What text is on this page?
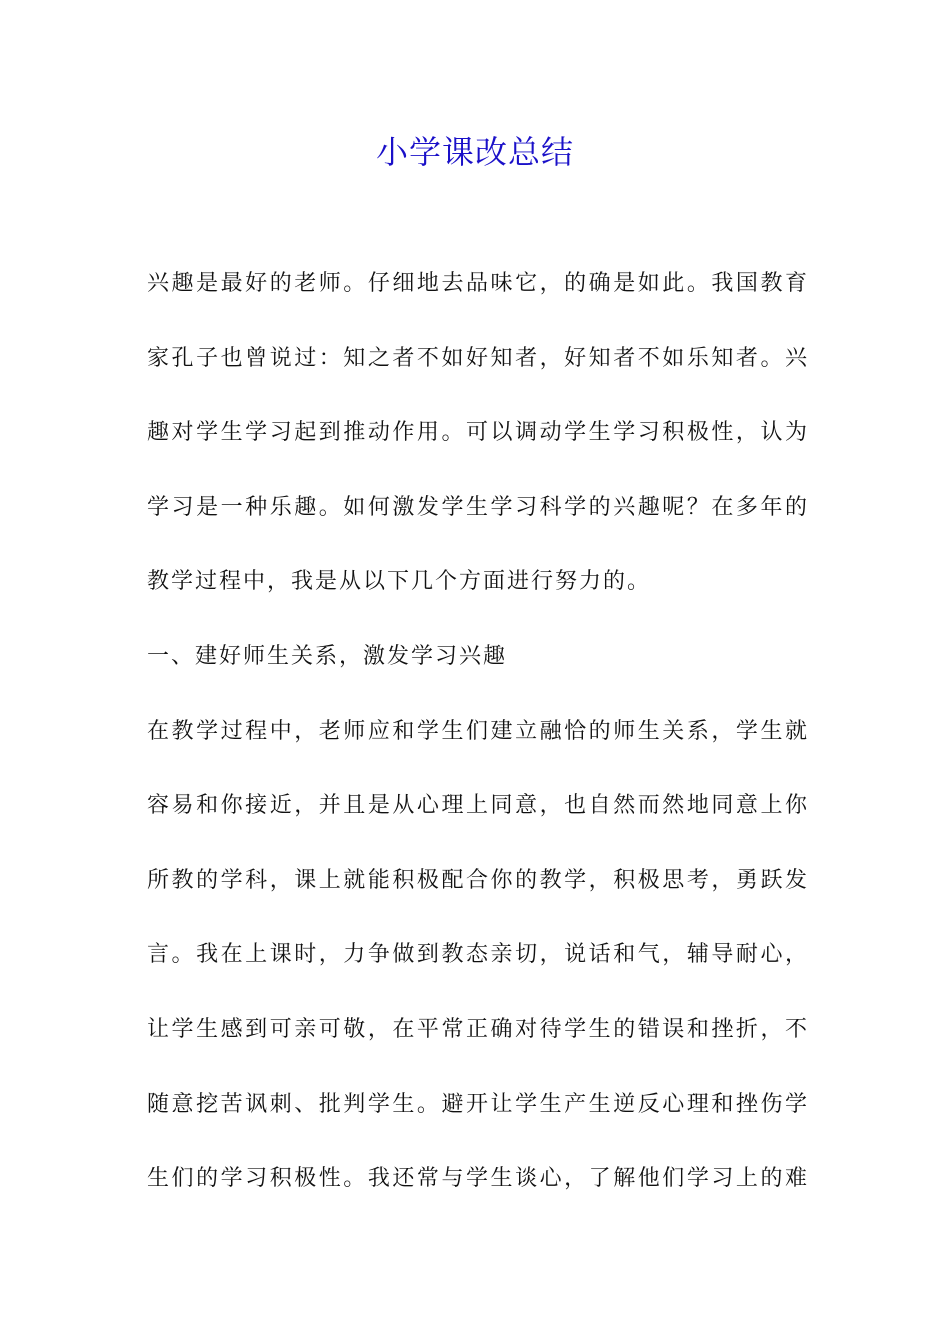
小学课改总结
兴趣是最好的老师。仔细地去品味它，的确是如此。我国教育
家孔子也曾说过：知之者不如好知者，好知者不如乐知者。兴
趣对学生学习起到推动作用。可以调动学生学习积极性，认为
学习是一种乐趣。如何激发学生学习科学的兴趣呢？在多年的
教学过程中，我是从以下几个方面进行努力的。
一、建好师生关系，激发学习兴趣
在教学过程中，老师应和学生们建立融恰的师生关系，学生就
容易和你接近，并且是从心理上同意，也自然而然地同意上你
所教的学科，课上就能积极配合你的教学，积极思考，勇跃发
言。我在上课时，力争做到教态亲切，说话和气，辅导耐心，
让学生感到可亲可敬，在平常正确对待学生的错误和挫折，不
随意挖苦讽刺、批判学生。避开让学生产生逆反心理和挫伤学
生们的学习积极性。我还常与学生谈心，了解他们学习上的难
